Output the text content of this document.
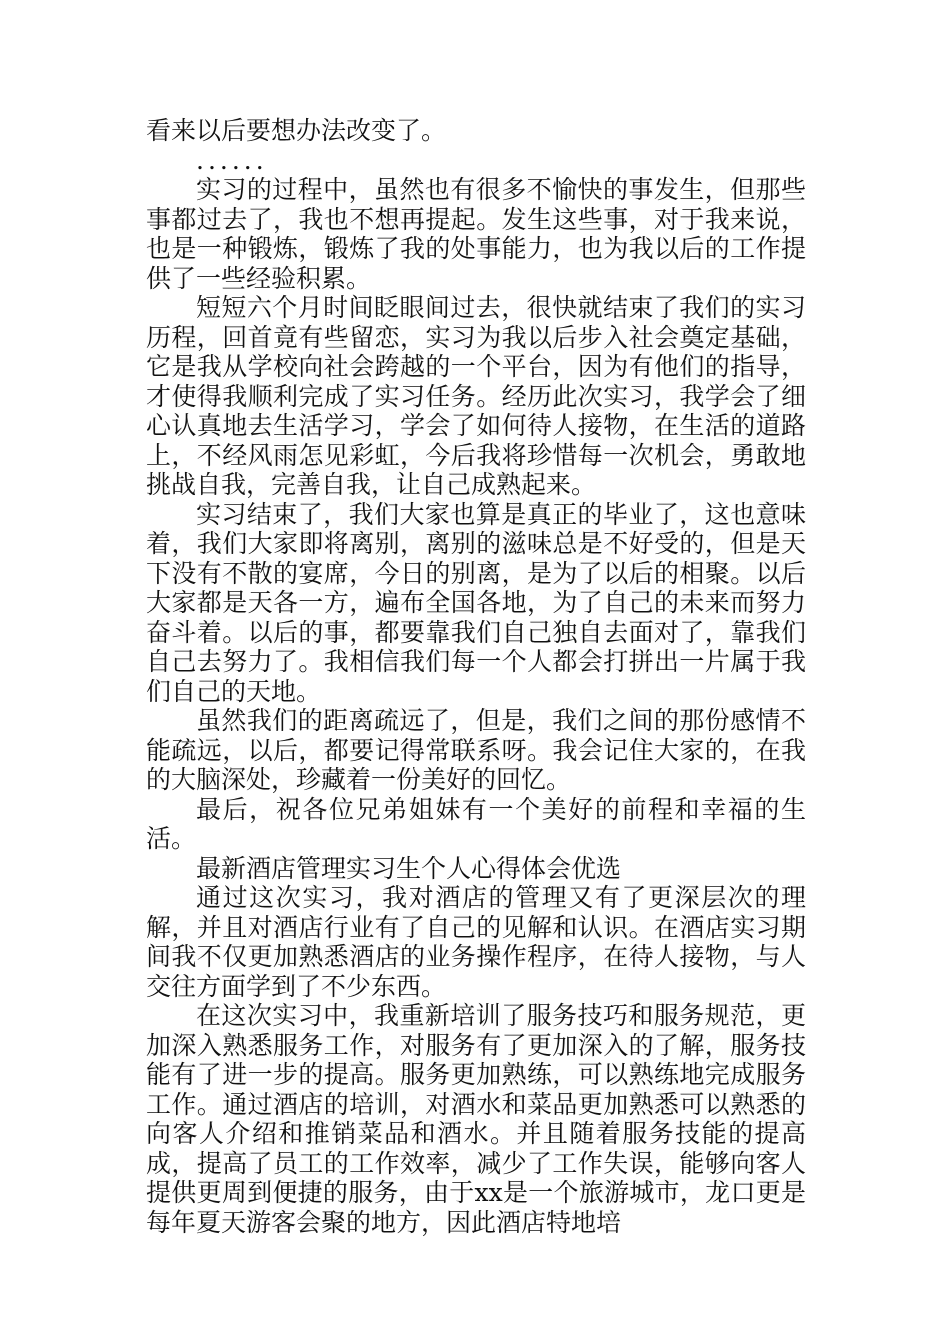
看来以后要想办法改变了。

......

实习的过程中，虽然也有很多不愉快的事发生，但那些事都过去了，我也不想再提起。发生这些事，对于我来说，也是一种锻炼，锻炼了我的处事能力，也为我以后的工作提供了一些经验积累。

短短六个月时间眨眼间过去，很快就结束了我们的实习历程，回首竟有些留恋，实习为我以后步入社会奠定基础，它是我从学校向社会跨越的一个平台，因为有他们的指导，才使得我顺利完成了实习任务。经历此次实习，我学会了细心认真地去生活学习，学会了如何待人接物，在生活的道路上，不经风雨怎见彩虹，今后我将珍惜每一次机会，勇敢地挑战自我，完善自我，让自己成熟起来。

实习结束了，我们大家也算是真正的毕业了，这也意味着，我们大家即将离别，离别的滋味总是不好受的，但是天下没有不散的宴席，今日的别离，是为了以后的相聚。以后大家都是天各一方，遍布全国各地，为了自己的未来而努力奋斗着。以后的事，都要靠我们自己独自去面对了，靠我们自己去努力了。我相信我们每一个人都会打拼出一片属于我们自己的天地。

虽然我们的距离疏远了，但是，我们之间的那份感情不能疏远，以后，都要记得常联系呀。我会记住大家的，在我的大脑深处，珍藏着一份美好的回忆。

最后，祝各位兄弟姐妹有一个美好的前程和幸福的生活。

最新酒店管理实习生个人心得体会优选

通过这次实习，我对酒店的管理又有了更深层次的理解，并且对酒店行业有了自己的见解和认识。在酒店实习期间我不仅更加熟悉酒店的业务操作程序，在待人接物，与人交往方面学到了不少东西。

在这次实习中，我重新培训了服务技巧和服务规范，更加深入熟悉服务工作，对服务有了更加深入的了解，服务技能有了进一步的提高。服务更加熟练，可以熟练地完成服务工作。通过酒店的培训，对酒水和菜品更加熟悉可以熟悉的向客人介绍和推销菜品和酒水。并且随着服务技能的提高成，提高了员工的工作效率，减少了工作失误，能够向客人提供更周到便捷的服务，由于xx是一个旅游城市，龙口更是每年夏天游客会聚的地方，因此酒店特地培
